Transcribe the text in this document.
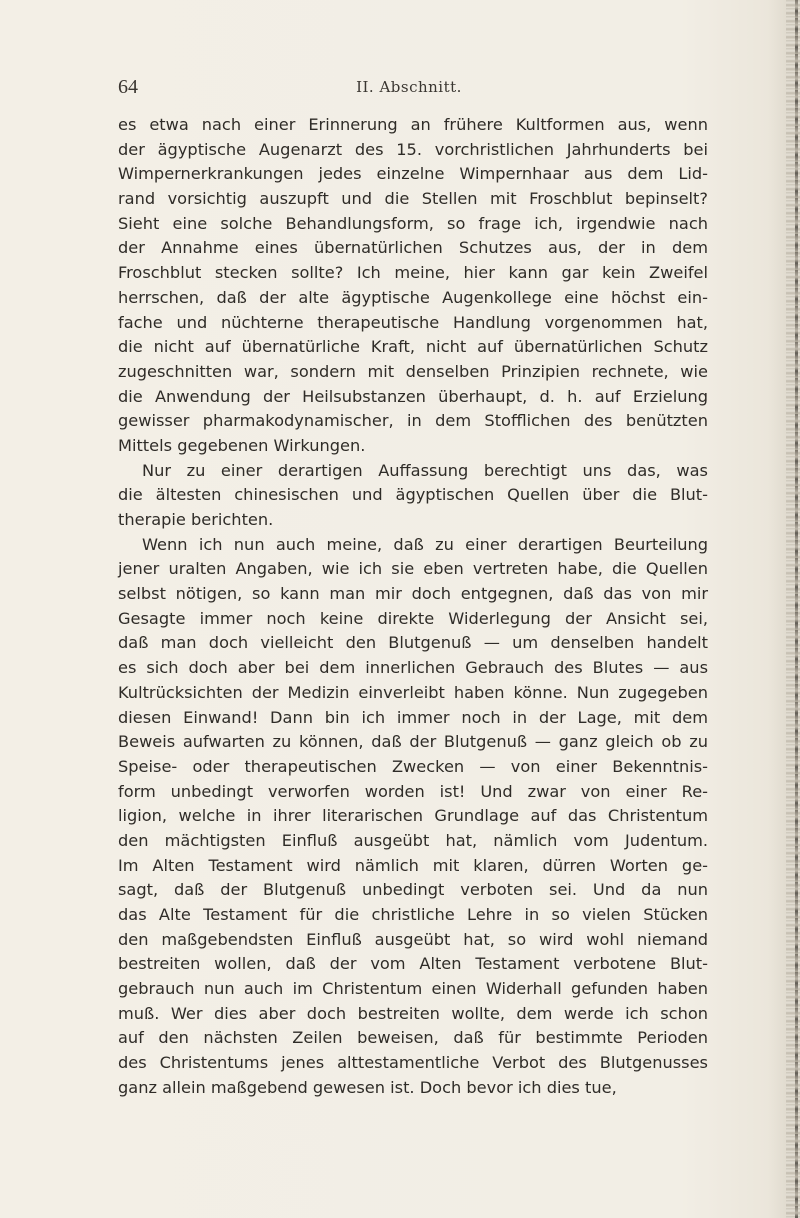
64	II. Abschnitt.

es etwa nach einer Erinnerung an frühere Kultformen aus, wenn
der ägyptische Augenarzt des 15. vorchristlichen Jahrhunderts bei
Wimpernerkrankungen jedes einzelne Wimpernhaar aus dem Lid-
rand vorsichtig auszupft und die Stellen mit Froschblut bepinselt?
Sieht eine solche Behandlungsform, so frage ich, irgendwie nach
der Annahme eines übernatürlichen Schutzes aus, der in dem
Froschblut stecken sollte? Ich meine, hier kann gar kein Zweifel
herrschen, daß der alte ägyptische Augenkollege eine höchst ein-
fache und nüchterne therapeutische Handlung vorgenommen hat,
die nicht auf übernatürliche Kraft, nicht auf übernatürlichen Schutz
zugeschnitten war, sondern mit denselben Prinzipien rechnete, wie
die Anwendung der Heilsubstanzen überhaupt, d. h. auf Erzielung
gewisser pharmakodynamischer, in dem Stofflichen des benützten
Mittels gegebenen Wirkungen.

Nur zu einer derartigen Auffassung berechtigt uns das, was
die ältesten chinesischen und ägyptischen Quellen über die Blut-
therapie berichten.

Wenn ich nun auch meine, daß zu einer derartigen Beurteilung
jener uralten Angaben, wie ich sie eben vertreten habe, die Quellen
selbst nötigen, so kann man mir doch entgegnen, daß das von mir
Gesagte immer noch keine direkte Widerlegung der Ansicht sei,
daß man doch vielleicht den Blutgenuß — um denselben handelt
es sich doch aber bei dem innerlichen Gebrauch des Blutes — aus
Kultrücksichten der Medizin einverleibt haben könne. Nun zugegeben
diesen Einwand! Dann bin ich immer noch in der Lage, mit dem
Beweis aufwarten zu können, daß der Blutgenuß — ganz gleich ob zu
Speise- oder therapeutischen Zwecken — von einer Bekenntnis-
form unbedingt verworfen worden ist! Und zwar von einer Re-
ligion, welche in ihrer literarischen Grundlage auf das Christentum
den mächtigsten Einfluß ausgeübt hat, nämlich vom Judentum.
Im Alten Testament wird nämlich mit klaren, dürren Worten ge-
sagt, daß der Blutgenuß unbedingt verboten sei. Und da nun
das Alte Testament für die christliche Lehre in so vielen Stücken
den maßgebendsten Einfluß ausgeübt hat, so wird wohl niemand
bestreiten wollen, daß der vom Alten Testament verbotene Blut-
gebrauch nun auch im Christentum einen Widerhall gefunden haben
muß. Wer dies aber doch bestreiten wollte, dem werde ich schon
auf den nächsten Zeilen beweisen, daß für bestimmte Perioden
des Christentums jenes alttestamentliche Verbot des Blutgenusses
ganz allein maßgebend gewesen ist. Doch bevor ich dies tue,
